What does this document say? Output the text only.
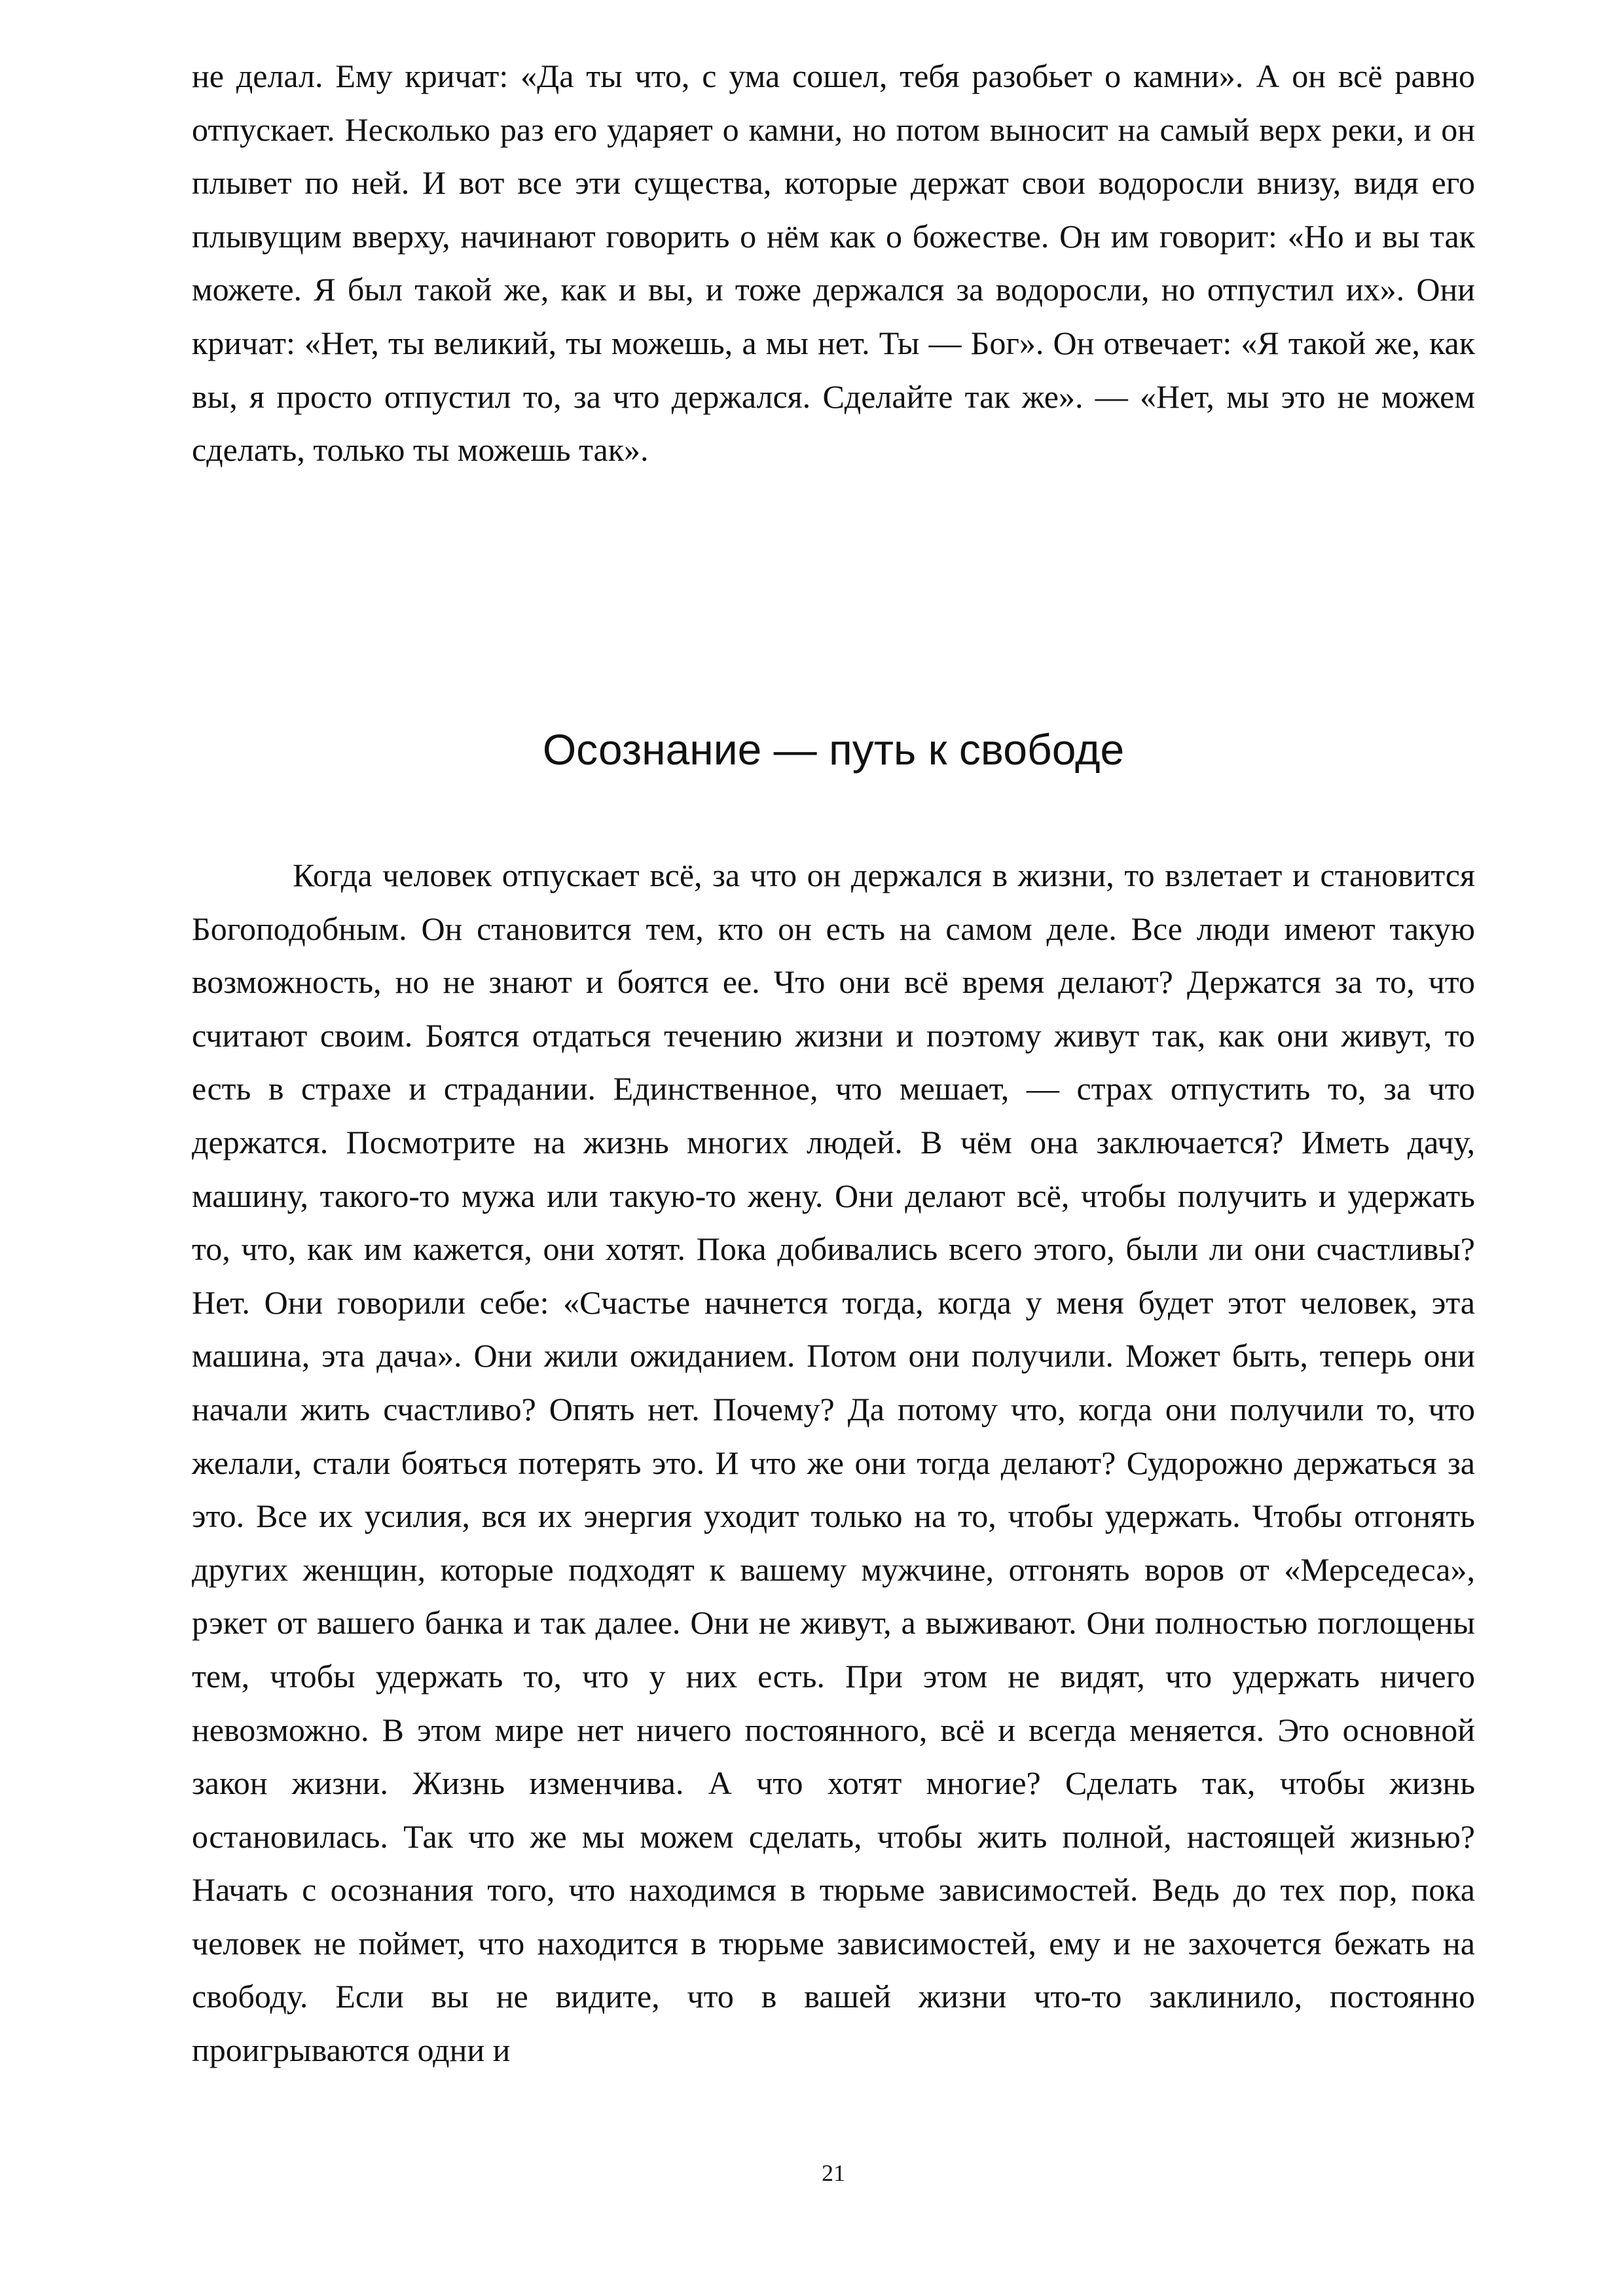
не делал. Ему кричат: «Да ты что, с ума сошел, тебя разобьет о камни». А он всё равно отпускает. Несколько раз его ударяет о камни, но потом выносит на самый верх реки, и он плывет по ней. И вот все эти существа, которые держат свои водоросли внизу, видя его плывущим вверху, начинают говорить о нём как о божестве. Он им говорит: «Но и вы так можете. Я был такой же, как и вы, и тоже держался за водоросли, но отпустил их». Они кричат: «Нет, ты великий, ты можешь, а мы нет. Ты — Бог». Он отвечает: «Я такой же, как вы, я просто отпустил то, за что держался. Сделайте так же». — «Нет, мы это не можем сделать, только ты можешь так».

Осознание — путь к свободе

Когда человек отпускает всё, за что он держался в жизни, то взлетает и становится Богоподобным. Он становится тем, кто он есть на самом деле. Все люди имеют такую возможность, но не знают и боятся ее. Что они всё время делают? Держатся за то, что считают своим. Боятся отдаться течению жизни и поэтому живут так, как они живут, то есть в страхе и страдании. Единственное, что мешает, — страх отпустить то, за что держатся. Посмотрите на жизнь многих людей. В чём она заключается? Иметь дачу, машину, такого-то мужа или такую-то жену. Они делают всё, чтобы получить и удержать то, что, как им кажется, они хотят. Пока добивались всего этого, были ли они счастливы? Нет. Они говорили себе: «Счастье начнется тогда, когда у меня будет этот человек, эта машина, эта дача». Они жили ожиданием. Потом они получили. Может быть, теперь они начали жить счастливо? Опять нет. Почему? Да потому что, когда они получили то, что желали, стали бояться потерять это. И что же они тогда делают? Судорожно держаться за это. Все их усилия, вся их энергия уходит только на то, чтобы удержать. Чтобы отгонять других женщин, которые подходят к вашему мужчине, отгонять воров от «Мерседеса», рэкет от вашего банка и так далее. Они не живут, а выживают. Они полностью поглощены тем, чтобы удержать то, что у них есть. При этом не видят, что удержать ничего невозможно. В этом мире нет ничего постоянного, всё и всегда меняется. Это основной закон жизни. Жизнь изменчива. А что хотят многие? Сделать так, чтобы жизнь остановилась. Так что же мы можем сделать, чтобы жить полной, настоящей жизнью? Начать с осознания того, что находимся в тюрьме зависимостей. Ведь до тех пор, пока человек не поймет, что находится в тюрьме зависимостей, ему и не захочется бежать на свободу. Если вы не видите, что в вашей жизни что-то заклинило, постоянно проигрываются одни и

21
